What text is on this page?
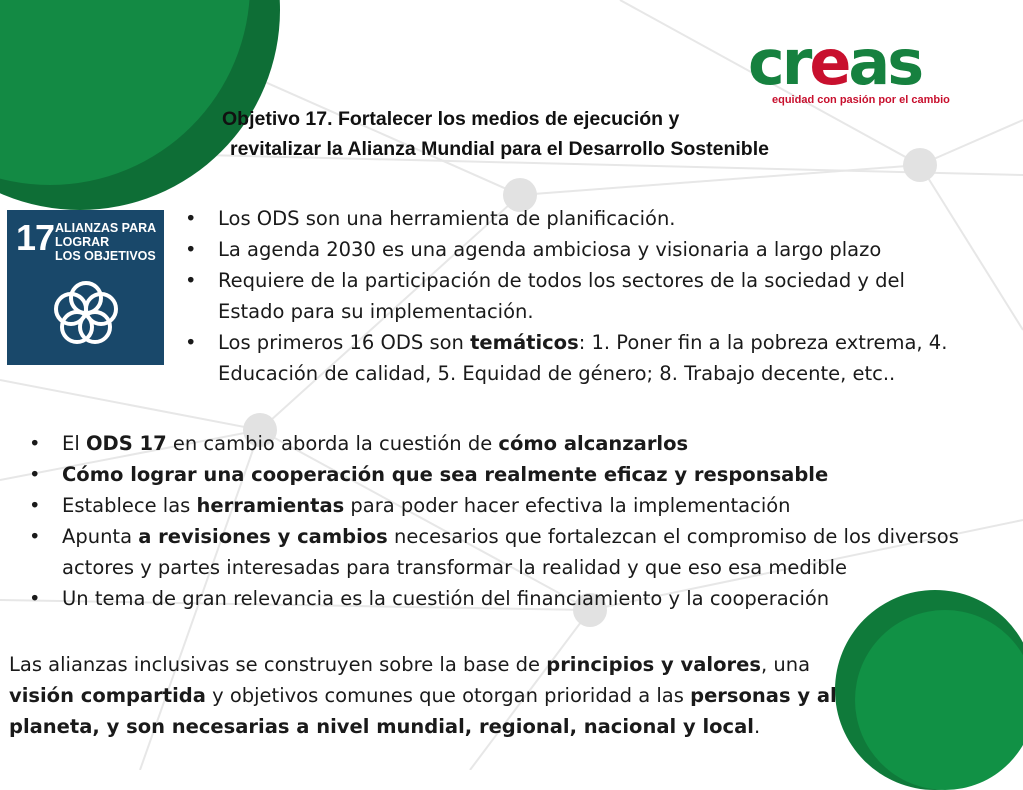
creas
equidad con pasión por el cambio
Objetivo 17. Fortalecer los medios de ejecución y
revitalizar la Alianza Mundial para el Desarrollo Sostenible
17 ALIANZAS PARA
LOGRAR
LOS OBJETIVOS
• Los ODS son una herramienta de planificación.
• La agenda 2030 es una agenda ambiciosa y visionaria a largo plazo
• Requiere de la participación de todos los sectores de la sociedad y del
Estado para su implementación.
• Los primeros 16 ODS son temáticos: 1. Poner fin a la pobreza extrema, 4.
Educación de calidad, 5. Equidad de género; 8. Trabajo decente, etc..
• El ODS 17 en cambio aborda la cuestión de cómo alcanzarlos
• Cómo lograr una cooperación que sea realmente eficaz y responsable
• Establece las herramientas para poder hacer efectiva la implementación
• Apunta a revisiones y cambios necesarios que fortalezcan el compromiso de los diversos
actores y partes interesadas para transformar la realidad y que eso esa medible
• Un tema de gran relevancia es la cuestión del financiamiento y la cooperación
Las alianzas inclusivas se construyen sobre la base de principios y valores, una
visión compartida y objetivos comunes que otorgan prioridad a las personas y al
planeta, y son necesarias a nivel mundial, regional, nacional y local.
